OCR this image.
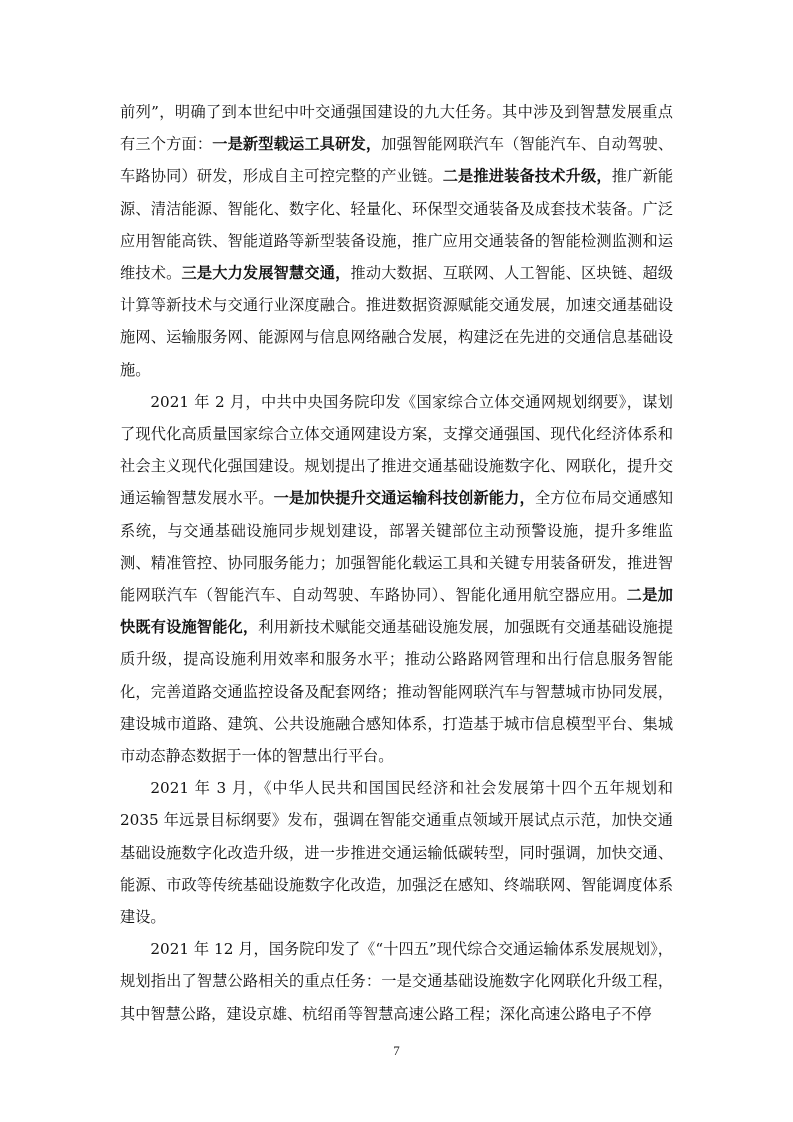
前列”，明确了到本世纪中叶交通强国建设的九大任务。其中涉及到智慧发展重点有三个方面：一是新型载运工具研发，加强智能网联汽车（智能汽车、自动驾驶、车路协同）研发，形成自主可控完整的产业链。二是推进装备技术升级，推广新能源、清洁能源、智能化、数字化、轻量化、环保型交通装备及成套技术装备。广泛应用智能高铁、智能道路等新型装备设施，推广应用交通装备的智能检测监测和运维技术。三是大力发展智慧交通，推动大数据、互联网、人工智能、区块链、超级计算等新技术与交通行业深度融合。推进数据资源赋能交通发展，加速交通基础设施网、运输服务网、能源网与信息网络融合发展，构建泛在先进的交通信息基础设施。

2021 年 2 月，中共中央国务院印发《国家综合立体交通网规划纲要》，谋划了现代化高质量国家综合立体交通网建设方案，支撑交通强国、现代化经济体系和社会主义现代化强国建设。规划提出了推进交通基础设施数字化、网联化，提升交通运输智慧发展水平。一是加快提升交通运输科技创新能力，全方位布局交通感知系统，与交通基础设施同步规划建设，部署关键部位主动预警设施，提升多维监测、精准管控、协同服务能力；加强智能化载运工具和关键专用装备研发，推进智能网联汽车（智能汽车、自动驾驶、车路协同）、智能化通用航空器应用。二是加快既有设施智能化，利用新技术赋能交通基础设施发展，加强既有交通基础设施提质升级，提高设施利用效率和服务水平；推动公路路网管理和出行信息服务智能化，完善道路交通监控设备及配套网络；推动智能网联汽车与智慧城市协同发展，建设城市道路、建筑、公共设施融合感知体系，打造基于城市信息模型平台、集城市动态静态数据于一体的智慧出行平台。

2021 年 3 月，《中华人民共和国国民经济和社会发展第十四个五年规划和 2035 年远景目标纲要》发布，强调在智能交通重点领域开展试点示范，加快交通基础设施数字化改造升级，进一步推进交通运输低碳转型，同时强调，加快交通、能源、市政等传统基础设施数字化改造，加强泛在感知、终端联网、智能调度体系建设。

2021 年 12 月，国务院印发了《“十四五”现代综合交通运输体系发展规划》，规划指出了智慧公路相关的重点任务：一是交通基础设施数字化网联化升级工程，其中智慧公路，建设京雄、杭绍甬等智慧高速公路工程；深化高速公路电子不停

7
